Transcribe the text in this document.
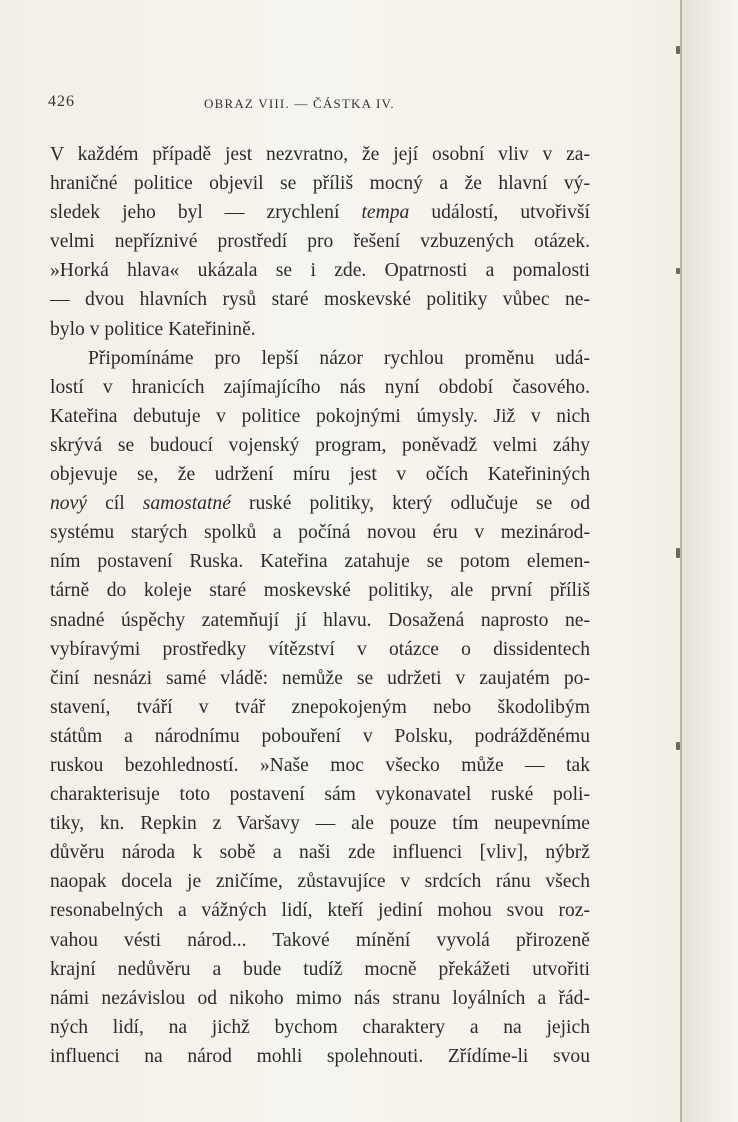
426	OBRAZ VIII. — ČÁSTKA IV.
V každém případě jest nezvratno, že její osobní vliv v za-
hraničné politice objevil se příliš mocný a že hlavní vý-
sledek jeho byl — zrychlení tempa událostí, utvořivší
velmi nepříznivé prostředí pro řešení vzbuzených otázek.
»Horká hlava« ukázala se i zde. Opatrnosti a pomalosti
— dvou hlavních rysů staré moskevské politiky vůbec ne-
bylo v politice Kateřinině.
Připomínáme pro lepší názor rychlou proměnu udá-
lostí v hranicích zajímajícího nás nyní období časového.
Kateřina debutuje v politice pokojnými úmysly. Již v nich
skrývá se budoucí vojenský program, poněvadž velmi záhy
objevuje se, že udržení míru jest v očích Kateřininých
nový cíl samostatné ruské politiky, který odlučuje se od
systému starých spolků a počíná novou éru v mezinárod-
ním postavení Ruska. Kateřina zatahuje se potom elemen-
tárně do koleje staré moskevské politiky, ale první příliš
snadné úspěchy zatemňují jí hlavu. Dosažená naprosto ne-
vybíravými prostředky vítězství v otázce o dissidentech
činí nesnázi samé vládě: nemůže se udržeti v zaujatém po-
stavení, tváří v tvář znepokojeným nebo škodolibým
státům a národnímu pobouření v Polsku, podrážděnému
ruskou bezohledností. »Naše moc všecko může — tak
charakterisuje toto postavení sám vykonavatel ruské poli-
tiky, kn. Repkin z Varšavy — ale pouze tím neupevníme
důvěru národa k sobě a naši zde influenci [vliv], nýbrž
naopak docela je zničíme, zůstavujíce v srdcích ránu všech
resonabelných a vážných lidí, kteří jediní mohou svou roz-
vahou vésti národ... Takové mínění vyvolá přirozeně
krajní nedůvěru a bude tudíž mocně překážeti utvořiti
námi nezávislou od nikoho mimo nás stranu loyálních a řád-
ných lidí, na jichž bychom charaktery a na jejich
influenci na národ mohli spolehnouti. Zřídíme-li svou
